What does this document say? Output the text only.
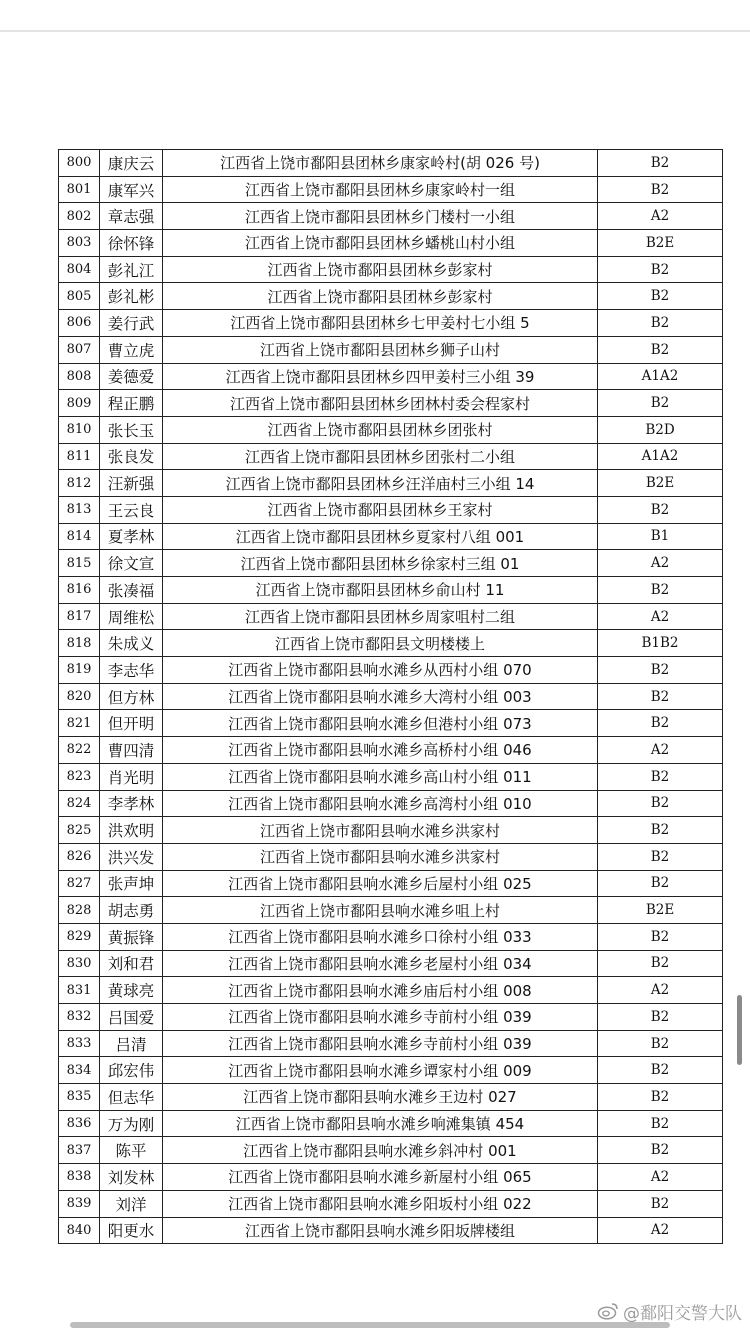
800	康庆云	江西省上饶市鄱阳县团林乡康家岭村(胡 026 号)	B2
801	康军兴	江西省上饶市鄱阳县团林乡康家岭村一组	B2
802	章志强	江西省上饶市鄱阳县团林乡门楼村一小组	A2
803	徐怀锋	江西省上饶市鄱阳县团林乡蟠桃山村小组	B2E
804	彭礼江	江西省上饶市鄱阳县团林乡彭家村	B2
805	彭礼彬	江西省上饶市鄱阳县团林乡彭家村	B2
806	姜行武	江西省上饶市鄱阳县团林乡七甲姜村七小组 5	B2
807	曹立虎	江西省上饶市鄱阳县团林乡狮子山村	B2
808	姜德爱	江西省上饶市鄱阳县团林乡四甲姜村三小组 39	A1A2
809	程正鹏	江西省上饶市鄱阳县团林乡团林村委会程家村	B2
810	张长玉	江西省上饶市鄱阳县团林乡团张村	B2D
811	张良发	江西省上饶市鄱阳县团林乡团张村二小组	A1A2
812	汪新强	江西省上饶市鄱阳县团林乡汪洋庙村三小组 14	B2E
813	王云良	江西省上饶市鄱阳县团林乡王家村	B2
814	夏孝林	江西省上饶市鄱阳县团林乡夏家村八组 001	B1
815	徐文宣	江西省上饶市鄱阳县团林乡徐家村三组 01	A2
816	张凑福	江西省上饶市鄱阳县团林乡俞山村 11	B2
817	周维松	江西省上饶市鄱阳县团林乡周家咀村二组	A2
818	朱成义	江西省上饶市鄱阳县文明楼楼上	B1B2
819	李志华	江西省上饶市鄱阳县响水滩乡从西村小组 070	B2
820	但方林	江西省上饶市鄱阳县响水滩乡大湾村小组 003	B2
821	但开明	江西省上饶市鄱阳县响水滩乡但港村小组 073	B2
822	曹四清	江西省上饶市鄱阳县响水滩乡高桥村小组 046	A2
823	肖光明	江西省上饶市鄱阳县响水滩乡高山村小组 011	B2
824	李孝林	江西省上饶市鄱阳县响水滩乡高湾村小组 010	B2
825	洪欢明	江西省上饶市鄱阳县响水滩乡洪家村	B2
826	洪兴发	江西省上饶市鄱阳县响水滩乡洪家村	B2
827	张声坤	江西省上饶市鄱阳县响水滩乡后屋村小组 025	B2
828	胡志勇	江西省上饶市鄱阳县响水滩乡咀上村	B2E
829	黄振锋	江西省上饶市鄱阳县响水滩乡口徐村小组 033	B2
830	刘和君	江西省上饶市鄱阳县响水滩乡老屋村小组 034	B2
831	黄球亮	江西省上饶市鄱阳县响水滩乡庙后村小组 008	A2
832	吕国爱	江西省上饶市鄱阳县响水滩乡寺前村小组 039	B2
833	吕清	江西省上饶市鄱阳县响水滩乡寺前村小组 039	B2
834	邱宏伟	江西省上饶市鄱阳县响水滩乡谭家村小组 009	B2
835	但志华	江西省上饶市鄱阳县响水滩乡王边村 027	B2
836	万为刚	江西省上饶市鄱阳县响水滩乡响滩集镇 454	B2
837	陈平	江西省上饶市鄱阳县响水滩乡斜冲村 001	B2
838	刘发林	江西省上饶市鄱阳县响水滩乡新屋村小组 065	A2
839	刘洋	江西省上饶市鄱阳县响水滩乡阳坂村小组 022	B2
840	阳更水	江西省上饶市鄱阳县响水滩乡阳坂牌楼组	A2
@鄱阳交警大队
